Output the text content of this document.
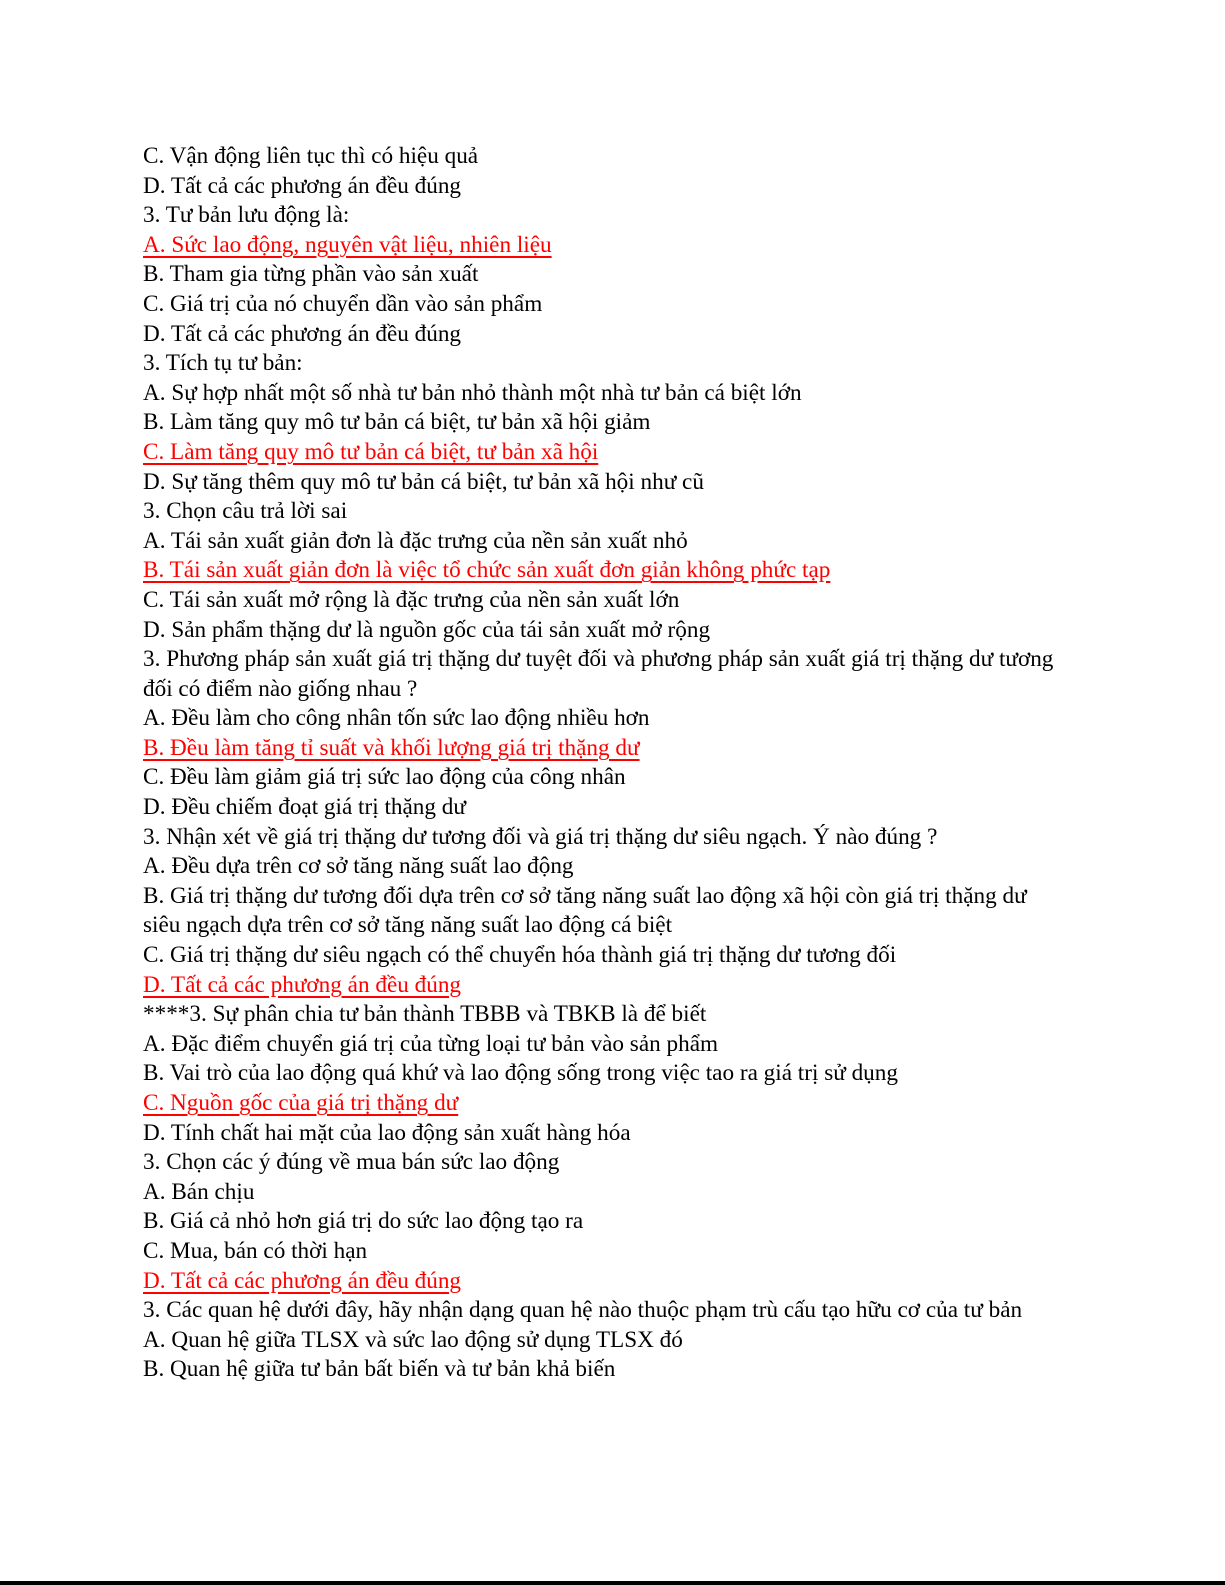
C. Vận động liên tục thì có hiệu quả
D. Tất cả các phương án đều đúng
3. Tư bản lưu động là:
A. Sức lao động, nguyên vật liệu, nhiên liệu
B. Tham gia từng phần vào sản xuất
C. Giá trị của nó chuyển dần vào sản phẩm
D. Tất cả các phương án đều đúng
3. Tích tụ tư bản:
A. Sự hợp nhất một số nhà tư bản nhỏ thành một nhà tư bản cá biệt lớn
B. Làm tăng quy mô tư bản cá biệt, tư bản xã hội giảm
C. Làm tăng quy mô tư bản cá biệt, tư bản xã hội
D. Sự tăng thêm quy mô tư bản cá biệt, tư bản xã hội như cũ
3. Chọn câu trả lời sai
A. Tái sản xuất giản đơn là đặc trưng của nền sản xuất nhỏ
B. Tái sản xuất giản đơn là việc tổ chức sản xuất đơn giản không phức tạp
C. Tái sản xuất mở rộng là đặc trưng của nền sản xuất lớn
D. Sản phẩm thặng dư là nguồn gốc của tái sản xuất mở rộng
3. Phương pháp sản xuất giá trị thặng dư tuyệt đối và phương pháp sản xuất giá trị thặng dư tương đối có điểm nào giống nhau ?
A. Đều làm cho công nhân tốn sức lao động nhiều hơn
B. Đều làm tăng tỉ suất và khối lượng giá trị thặng dư
C. Đều làm giảm giá trị sức lao động của công nhân
D. Đều chiếm đoạt giá trị thặng dư
3. Nhận xét về giá trị thặng dư tương đối và giá trị thặng dư siêu ngạch. Ý nào đúng ?
A. Đều dựa trên cơ sở tăng năng suất lao động
B. Giá trị thặng dư tương đối dựa trên cơ sở tăng năng suất lao động xã hội còn giá trị thặng dư siêu ngạch dựa trên cơ sở tăng năng suất lao động cá biệt
C. Giá trị thặng dư siêu ngạch có thể chuyển hóa thành giá trị thặng dư tương đối
D. Tất cả các phương án đều đúng
****3. Sự phân chia tư bản thành TBBB và TBKB là để biết
A. Đặc điểm chuyển giá trị của từng loại tư bản vào sản phẩm
B. Vai trò của lao động quá khứ và lao động sống trong việc tao ra giá trị sử dụng
C. Nguồn gốc của giá trị thặng dư
D. Tính chất hai mặt của lao động sản xuất hàng hóa
3. Chọn các ý đúng về mua bán sức lao động
A. Bán chịu
B. Giá cả nhỏ hơn giá trị do sức lao động tạo ra
C. Mua, bán có thời hạn
D. Tất cả các phương án đều đúng
3. Các quan hệ dưới đây, hãy nhận dạng quan hệ nào thuộc phạm trù cấu tạo hữu cơ của tư bản
A. Quan hệ giữa TLSX và sức lao động sử dụng TLSX đó
B. Quan hệ giữa tư bản bất biến và tư bản khả biến
